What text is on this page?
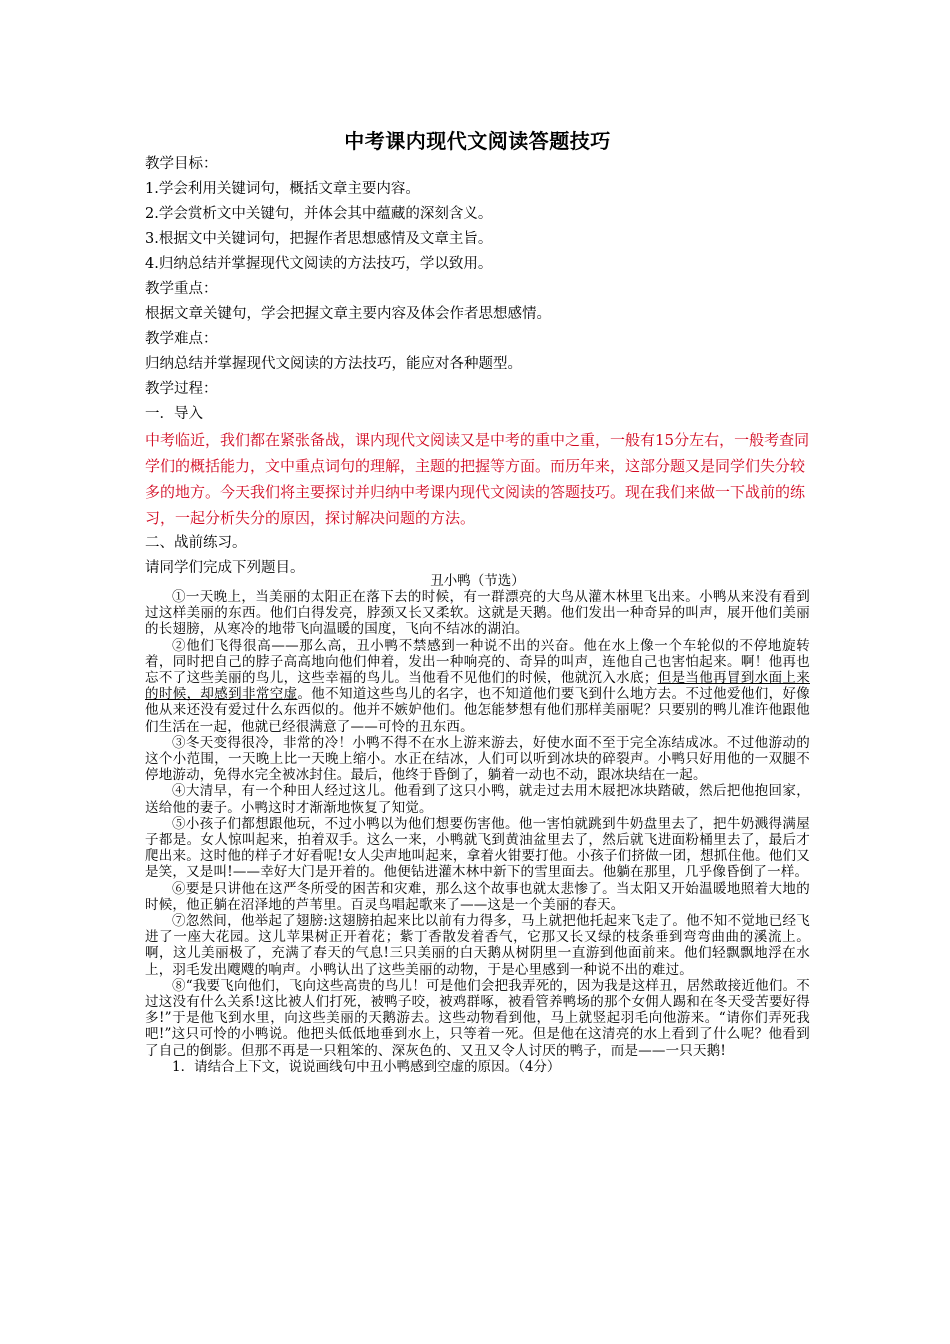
中考课内现代文阅读答题技巧

教学目标：

1.学会利用关键词句，概括文章主要内容。

2.学会赏析文中关键句，并体会其中蕴藏的深刻含义。

3.根据文中关键词句，把握作者思想感情及文章主旨。

4.归纳总结并掌握现代文阅读的方法技巧，学以致用。

教学重点：

根据文章关键句，学会把握文章主要内容及体会作者思想感情。

教学难点：

归纳总结并掌握现代文阅读的方法技巧，能应对各种题型。

教学过程：

一．导入

中考临近，我们都在紧张备战，课内现代文阅读又是中考的重中之重，一般有15分左右，一般考查同学们的概括能力，文中重点词句的理解，主题的把握等方面。而历年来，这部分题又是同学们失分较多的地方。今天我们将主要探讨并归纳中考课内现代文阅读的答题技巧。现在我们来做一下战前的练习，一起分析失分的原因，探讨解决问题的方法。

二、战前练习。

请同学们完成下列题目。

丑小鸭（节选）

①一天晚上，当美丽的太阳正在落下去的时候，有一群漂亮的大鸟从灌木林里飞出来。小鸭从来没有看到过这样美丽的东西。他们白得发亮，脖颈又长又柔软。这就是天鹅。他们发出一种奇异的叫声，展开他们美丽的长翅膀，从寒冷的地带飞向温暖的国度，飞向不结冰的湖泊。

②他们飞得很高——那么高，丑小鸭不禁感到一种说不出的兴奋。他在水上像一个车轮似的不停地旋转着，同时把自己的脖子高高地向他们伸着，发出一种响亮的、奇异的叫声，连他自己也害怕起来。啊！他再也忘不了这些美丽的鸟儿，这些幸福的鸟儿。当他看不见他们的时候，他就沉入水底；但是当他再冒到水面上来的时候，却感到非常空虚。他不知道这些鸟儿的名字，也不知道他们要飞到什么地方去。不过他爱他们，好像他从来还没有爱过什么东西似的。他并不嫉妒他们。他怎能梦想有他们那样美丽呢？只要别的鸭儿准许他跟他们生活在一起，他就已经很满意了——可怜的丑东西。

③冬天变得很冷，非常的冷！小鸭不得不在水上游来游去，好使水面不至于完全冻结成冰。不过他游动的这个小范围，一天晚上比一天晚上缩小。水正在结冰，人们可以听到冰块的碎裂声。小鸭只好用他的一双腿不停地游动，免得水完全被冰封住。最后，他终于昏倒了，躺着一动也不动，跟冰块结在一起。

④大清早，有一个种田人经过这儿。他看到了这只小鸭，就走过去用木屐把冰块踏破，然后把他抱回家，送给他的妻子。小鸭这时才渐渐地恢复了知觉。

⑤小孩子们都想跟他玩，不过小鸭以为他们想要伤害他。他一害怕就跳到牛奶盘里去了，把牛奶溅得满屋子都是。女人惊叫起来，拍着双手。这么一来，小鸭就飞到黄油盆里去了，然后就飞进面粉桶里去了，最后才爬出来。这时他的样子才好看呢!女人尖声地叫起来，拿着火钳要打他。小孩子们挤做一团，想抓住他。他们又是笑，又是叫!——幸好大门是开着的。他便钻进灌木林中新下的雪里面去。他躺在那里，几乎像昏倒了一样。

⑥要是只讲他在这严冬所受的困苦和灾难，那么这个故事也就太悲惨了。当太阳又开始温暖地照着大地的时候，他正躺在沼泽地的芦苇里。百灵鸟唱起歌来了——这是一个美丽的春天。

⑦忽然间，他举起了翅膀:这翅膀拍起来比以前有力得多，马上就把他托起来飞走了。他不知不觉地已经飞进了一座大花园。这儿苹果树正开着花；紫丁香散发着香气，它那又长又绿的枝条垂到弯弯曲曲的溪流上。啊，这儿美丽极了，充满了春天的气息!三只美丽的白天鹅从树阴里一直游到他面前来。他们轻飘飘地浮在水上，羽毛发出飕飕的响声。小鸭认出了这些美丽的动物，于是心里感到一种说不出的难过。

⑧“我要飞向他们，飞向这些高贵的鸟儿！可是他们会把我弄死的，因为我是这样丑，居然敢接近他们。不过这没有什么关系!这比被人们打死，被鸭子咬，被鸡群啄，被看管养鸭场的那个女佣人踢和在冬天受苦要好得多!”于是他飞到水里，向这些美丽的天鹅游去。这些动物看到他，马上就竖起羽毛向他游来。“请你们弄死我吧!”这只可怜的小鸭说。他把头低低地垂到水上，只等着一死。但是他在这清亮的水上看到了什么呢？他看到了自己的倒影。但那不再是一只粗笨的、深灰色的、又丑又令人讨厌的鸭子，而是——一只天鹅!

1．请结合上下文，说说画线句中丑小鸭感到空虚的原因。（4分）
